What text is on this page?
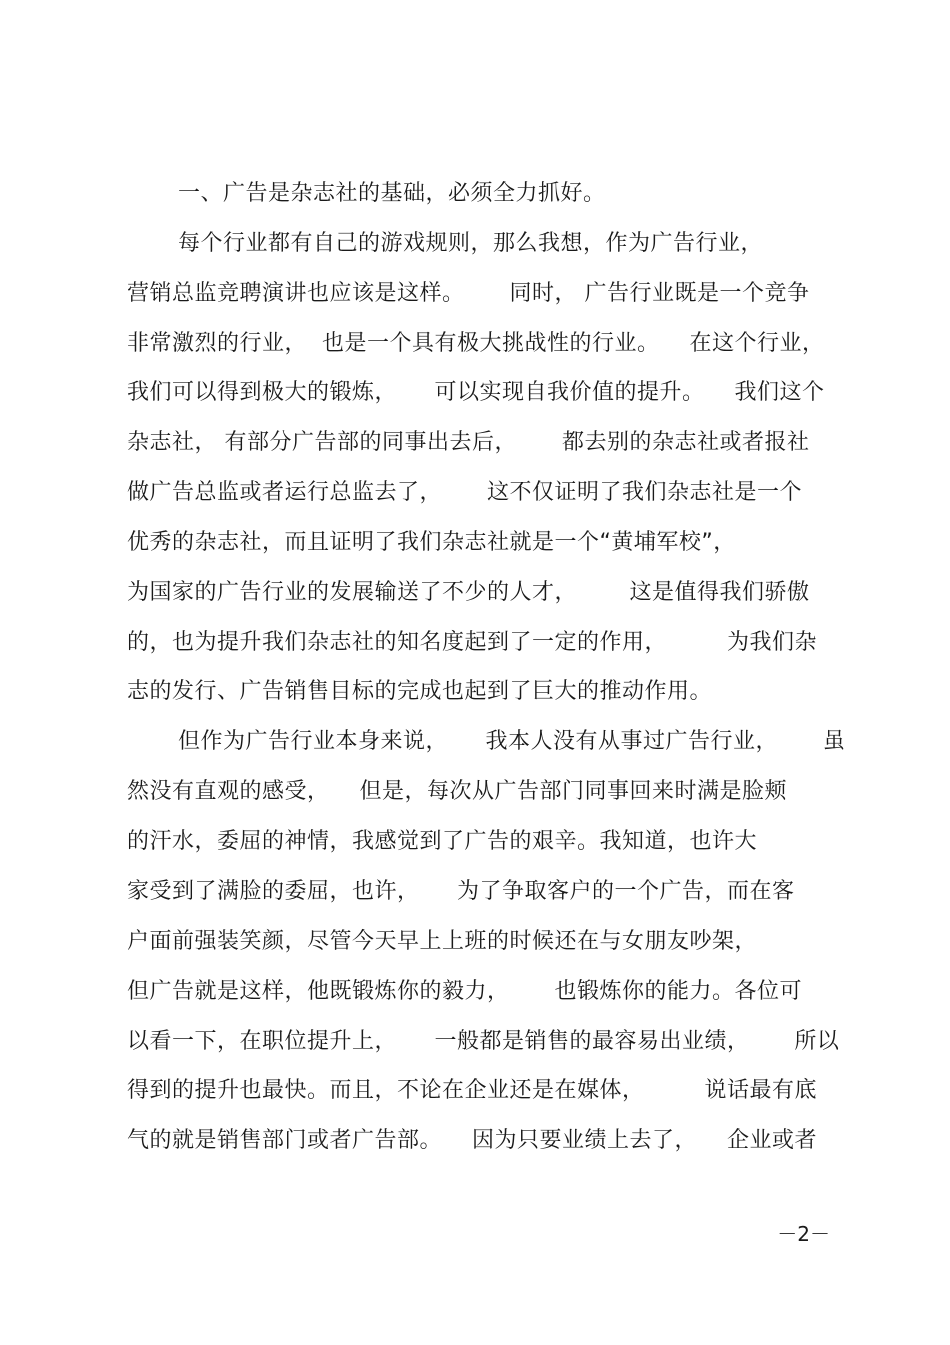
一、广告是杂志社的基础，必须全力抓好。
每个行业都有自己的游戏规则，那么我想，作为广告行业，
营销总监竞聘演讲也应该是这样。      同时， 广告行业既是一个竞争
非常激烈的行业，  也是一个具有极大挑战性的行业。    在这个行业，
我们可以得到极大的锻炼，     可以实现自我价值的提升。    我们这个
杂志社， 有部分广告部的同事出去后，      都去别的杂志社或者报社
做广告总监或者运行总监去了，      这不仅证明了我们杂志社是一个
优秀的杂志社，而且证明了我们杂志社就是一个“黄埔军校”，
为国家的广告行业的发展输送了不少的人才，       这是值得我们骄傲
的，也为提升我们杂志社的知名度起到了一定的作用，        为我们杂
志的发行、广告销售目标的完成也起到了巨大的推动作用。
但作为广告行业本身来说，     我本人没有从事过广告行业，      虽
然没有直观的感受，    但是，每次从广告部门同事回来时满是脸颊
的汗水，委屈的神情，我感觉到了广告的艰辛。我知道，也许大
家受到了满脸的委屈，也许，     为了争取客户的一个广告，而在客
户面前强装笑颜，尽管今天早上上班的时候还在与女朋友吵架，
但广告就是这样，他既锻炼你的毅力，      也锻炼你的能力。各位可
以看一下，在职位提升上，     一般都是销售的最容易出业绩，      所以
得到的提升也最快。而且，不论在企业还是在媒体，        说话最有底
气的就是销售部门或者广告部。    因为只要业绩上去了，    企业或者
－2－
